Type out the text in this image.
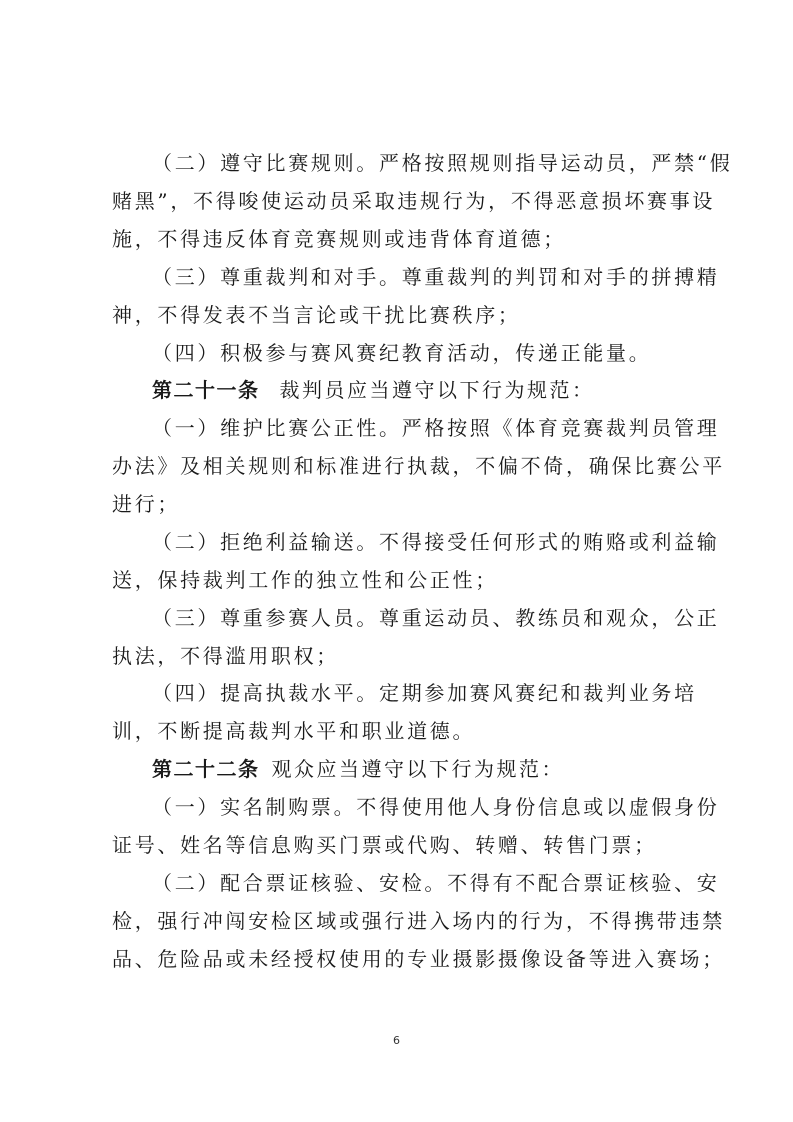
（二）遵守比赛规则。严格按照规则指导运动员，严禁“假
赌黑”，不得唆使运动员采取违规行为，不得恶意损坏赛事设
施，不得违反体育竞赛规则或违背体育道德；
（三）尊重裁判和对手。尊重裁判的判罚和对手的拼搏精
神，不得发表不当言论或干扰比赛秩序；
（四）积极参与赛风赛纪教育活动，传递正能量。
第二十一条 裁判员应当遵守以下行为规范：
（一）维护比赛公正性。严格按照《体育竞赛裁判员管理
办法》及相关规则和标准进行执裁，不偏不倚，确保比赛公平
进行；
（二）拒绝利益输送。不得接受任何形式的贿赂或利益输
送，保持裁判工作的独立性和公正性；
（三）尊重参赛人员。尊重运动员、教练员和观众，公正
执法，不得滥用职权；
（四）提高执裁水平。定期参加赛风赛纪和裁判业务培
训，不断提高裁判水平和职业道德。
第二十二条 观众应当遵守以下行为规范：
（一）实名制购票。不得使用他人身份信息或以虚假身份
证号、姓名等信息购买门票或代购、转赠、转售门票；
（二）配合票证核验、安检。不得有不配合票证核验、安
检，强行冲闯安检区域或强行进入场内的行为，不得携带违禁
品、危险品或未经授权使用的专业摄影摄像设备等进入赛场；
6
